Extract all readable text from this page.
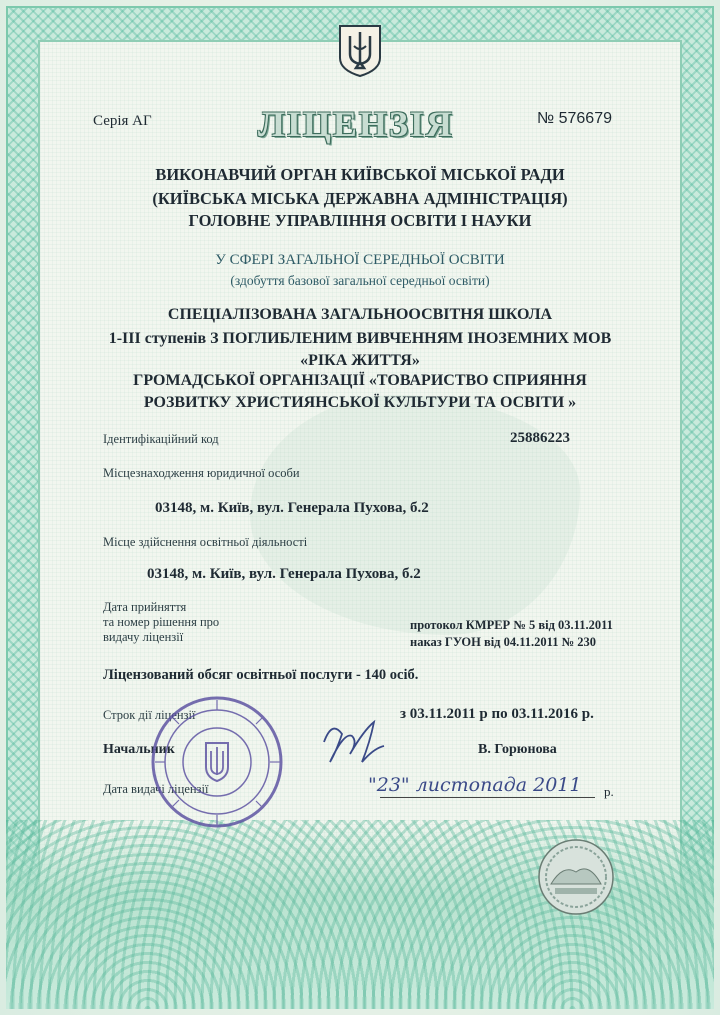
Серія АГ	ЛІЦЕНЗІЯ	№ 576679
ВИКОНАВЧИЙ ОРГАН КИЇВСЬКОЇ МІСЬКОЇ РАДИ
(КИЇВСЬКА МІСЬКА ДЕРЖАВНА АДМІНІСТРАЦІЯ)
ГОЛОВНЕ УПРАВЛІННЯ ОСВІТИ І НАУКИ
У СФЕРІ ЗАГАЛЬНОЇ СЕРЕДНЬОЇ ОСВІТИ
(здобуття базової загальної середньої освіти)
СПЕЦІАЛІЗОВАНА ЗАГАЛЬНООСВІТНЯ ШКОЛА
1-ІІІ ступенів З ПОГЛИБЛЕНИМ ВИВЧЕННЯМ ІНОЗЕМНИХ МОВ
«РІКА ЖИТТЯ»
ГРОМАДСЬКОЇ ОРГАНІЗАЦІЇ «ТОВАРИСТВО СПРИЯННЯ
РОЗВИТКУ ХРИСТИЯНСЬКОЇ КУЛЬТУРИ ТА ОСВІТИ »
Ідентифікаційний код	25886223
Місцезнаходження юридичної особи
03148, м. Київ, вул. Генерала Пухова, б.2
Місце здійснення освітньої діяльності
03148, м. Київ, вул. Генерала Пухова, б.2
Дата прийняття
та номер рішення про
видачу ліцензії
протокол КМРЕР № 5 від 03.11.2011
наказ ГУОН від 04.11.2011 № 230
Ліцензований обсяг освітньої послуги - 140 осіб.
Строк дії ліцензії	з 03.11.2011 р по 03.11.2016 р.
Начальник	В. Горюнова
Дата видачі ліцензії	"23" листопада 2011 р.
